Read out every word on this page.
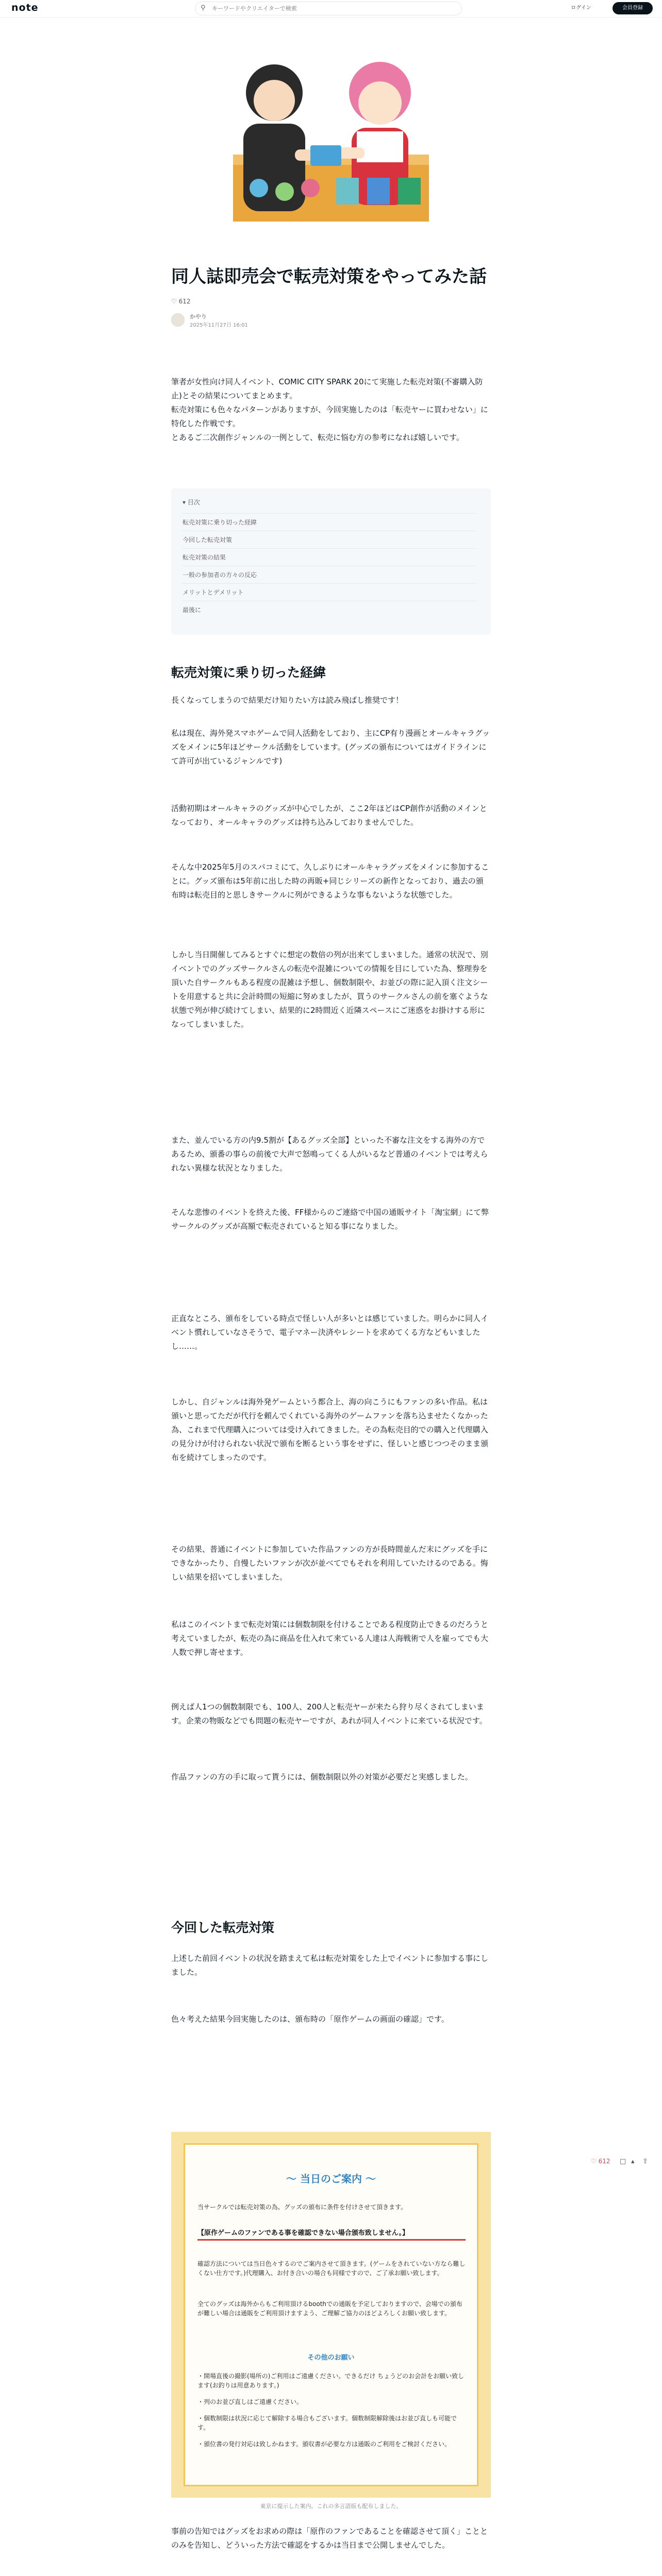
note	⚲
キーワードやクリエイターで検索	ログイン	会員登録
同人誌即売会で転売対策をやってみた話
♡ 612
かやり
2025年11月27日 16:01

筆者が女性向け同人イベント、COMIC CITY SPARK 20にて実施した転売対策(不審購入防止)とその結果についてまとめます。

転売対策にも色々なパターンがありますが、今回実施したのは「転売ヤーに買わせない」に特化した作戦です。

とあるご二次創作ジャンルの一例として、転売に悩む方の参考になれば嬉しいです。

▾ 目次
転売対策に乗り切った経緯
今回した転売対策
転売対策の結果
一般の参加者の方々の反応
メリットとデメリット
最後に
転売対策に乗り切った経緯

長くなってしまうので結果だけ知りたい方は読み飛ばし推奨です！

私は現在、海外発スマホゲームで同人活動をしており、主にCP有り漫画とオールキャラグッズをメインに5年ほどサークル活動をしています。(グッズの頒布についてはガイドラインにて許可が出ているジャンルです)

活動初期はオールキャラのグッズが中心でしたが、ここ2年ほどはCP創作が活動のメインとなっており、オールキャラのグッズは持ち込みしておりませんでした。

そんな中2025年5月のスパコミにて、久しぶりにオールキャラグッズをメインに参加することに。グッズ頒布は5年前に出した時の再販+同じシリーズの新作となっており、過去の頒布時は転売目的と思しきサークルに列ができるような事もないような状態でした。

しかし当日開催してみるとすぐに想定の数倍の列が出来てしまいました。通常の状況で、別イベントでのグッズサークルさんの転売や混雑についての情報を目にしていた為、整理券を頂いた自サークルもある程度の混雑は予想し、個数制限や、お並びの際に記入頂く注文シートを用意すると共に会計時間の短縮に努めましたが、買うのサークルさんの前を塞ぐような状態で列が伸び続けてしまい、結果的に2時間近く近隣スペースにご迷惑をお掛けする形になってしまいました。

また、並んでいる方の内9.5割が【あるグッズ全部】といった不審な注文をする海外の方であるため、頒番の事らの前後で大声で怒鳴ってくる人がいるなど普通のイベントでは考えられない異様な状況となりました。

そんな悲惨のイベントを終えた後、FF様からのご連絡で中国の通販サイト「淘宝網」にて弊サークルのグッズが高額で転売されていると知る事になりました。

正直なところ、頒布をしている時点で怪しい人が多いとは感じていました。明らかに同人イベント慣れしていなさそうで、電子マネー決済やレシートを求めてくる方などもいましたし……。

しかし、自ジャンルは海外発ゲームという都合上、海の向こうにもファンの多い作品。私は頒いと思ってただが代行を頼んでくれている海外のゲームファンを落ち込ませたくなかった為、これまで代理購入については受け入れてきました。その為転売目的での購入と代理購入の見分けが付けられない状況で頒布を断るという事をせずに、怪しいと感じつつそのまま頒布を続けてしまったのです。

その結果、普通にイベントに参加していた作品ファンの方が長時間並んだ末にグッズを手にできなかったり、自慢したいファンが次が並べてでもそれを利用していたけるのである。悔しい結果を招いてしまいました。

私はこのイベントまで転売対策には個数制限を付けることである程度防止できるのだろうと考えていましたが、転売の為に商品を仕入れて来ている人達は人海戦術で人を雇ってでも大人数で押し寄せます。

例えば人1つの個数制限でも、100人、200人と転売ヤーが来たら狩り尽くされてしまいます。企業の物販などでも問題の転売ヤーですが、あれが同人イベントに来ている状況です。

作品ファンの方の手に取って貰うには、個数制限以外の対策が必要だと実感しました。

今回した転売対策

上述した前回イベントの状況を踏まえて私は転売対策をした上でイベントに参加する事にしました。

色々考えた結果今回実施したのは、頒布時の「原作ゲームの画面の確認」です。

～ 当日のご案内 ～
当サークルでは転売対策の為、グッズの頒布に条件を付けさせて頂きます。
【原作ゲームのファンである事を確認できない場合頒布致しません。】
確認方法については当日色々するのでご案内させて頂きます。(ゲームをされていない方なら難しくない仕方です。)代理購入、お付き合いの場合も同様ですので、ご了承お願い致します。
全てのグッズは海外からもご利用頂けるboothでの通販を予定しておりますので、会場での頒布が難しい場合は通販をご利用頂けますよう、ご理解ご協力のほどよろしくお願い致します。
その他のお願い
・開場直後の撮影(場所の)ご利用はご遠慮ください。できるだけ ちょうどのお会計をお願い致します(お釣りは用意あります。)
・列のお並び直しはご遠慮ください。
・個数制限は状況に応じて解除する場合もございます。個数制限解除後はお並び直しも可能です。
・頒位書の発行対応は致しかねます。頒収書が必要な方は通販のご利用をご検討ください。
東京に提示した案内。これの多言語版も配布しました。

事前の告知ではグッズをお求めの際は「原作のファンであることを確認させて頂く」こととのみを告知し、どういった方法で確認をするかは当日まで公開しませんでした。

♡ 612 □ ▴ ⇧
